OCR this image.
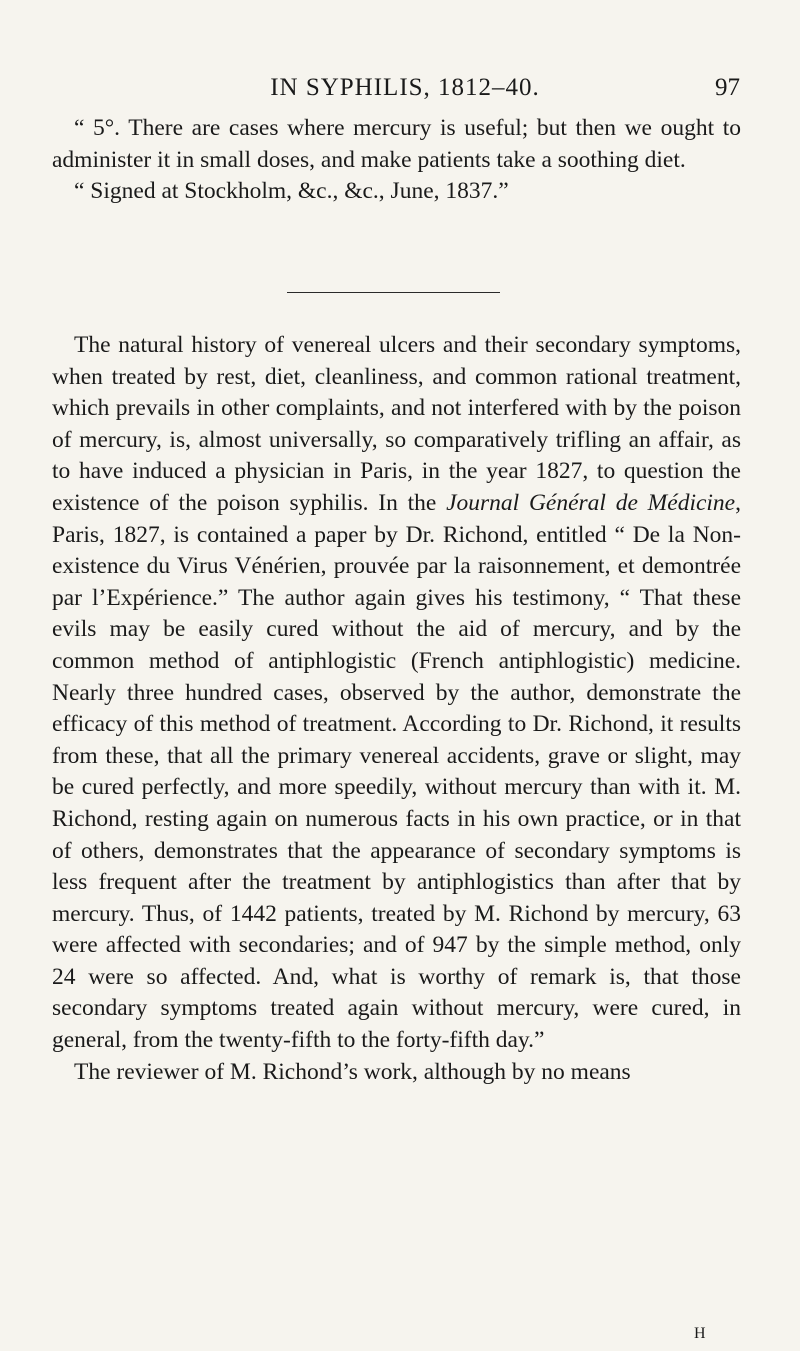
IN SYPHILIS, 1812–40.	97

“ 5°. There are cases where mercury is useful; but then we ought to administer it in small doses, and make patients take a soothing diet.

“ Signed at Stockholm, &c., &c., June, 1837.”

The natural history of venereal ulcers and their secondary symptoms, when treated by rest, diet, cleanliness, and common rational treatment, which prevails in other complaints, and not interfered with by the poison of mercury, is, almost universally, so comparatively trifling an affair, as to have induced a physician in Paris, in the year 1827, to question the existence of the poison syphilis. In the Journal Général de Médicine, Paris, 1827, is contained a paper by Dr. Richond, entitled “ De la Non-existence du Virus Vénérien, prouvée par la raisonnement, et demontrée par l’Expérience.” The author again gives his testimony, “ That these evils may be easily cured without the aid of mercury, and by the common method of antiphlogistic (French antiphlogistic) medicine. Nearly three hundred cases, observed by the author, demonstrate the efficacy of this method of treatment. According to Dr. Richond, it results from these, that all the primary venereal accidents, grave or slight, may be cured perfectly, and more speedily, without mercury than with it. M. Richond, resting again on numerous facts in his own practice, or in that of others, demonstrates that the appearance of secondary symptoms is less frequent after the treatment by antiphlogistics than after that by mercury. Thus, of 1442 patients, treated by M. Richond by mercury, 63 were affected with secondaries; and of 947 by the simple method, only 24 were so affected. And, what is worthy of remark is, that those secondary symptoms treated again without mercury, were cured, in general, from the twenty-fifth to the forty-fifth day.”

The reviewer of M. Richond’s work, although by no means

H
